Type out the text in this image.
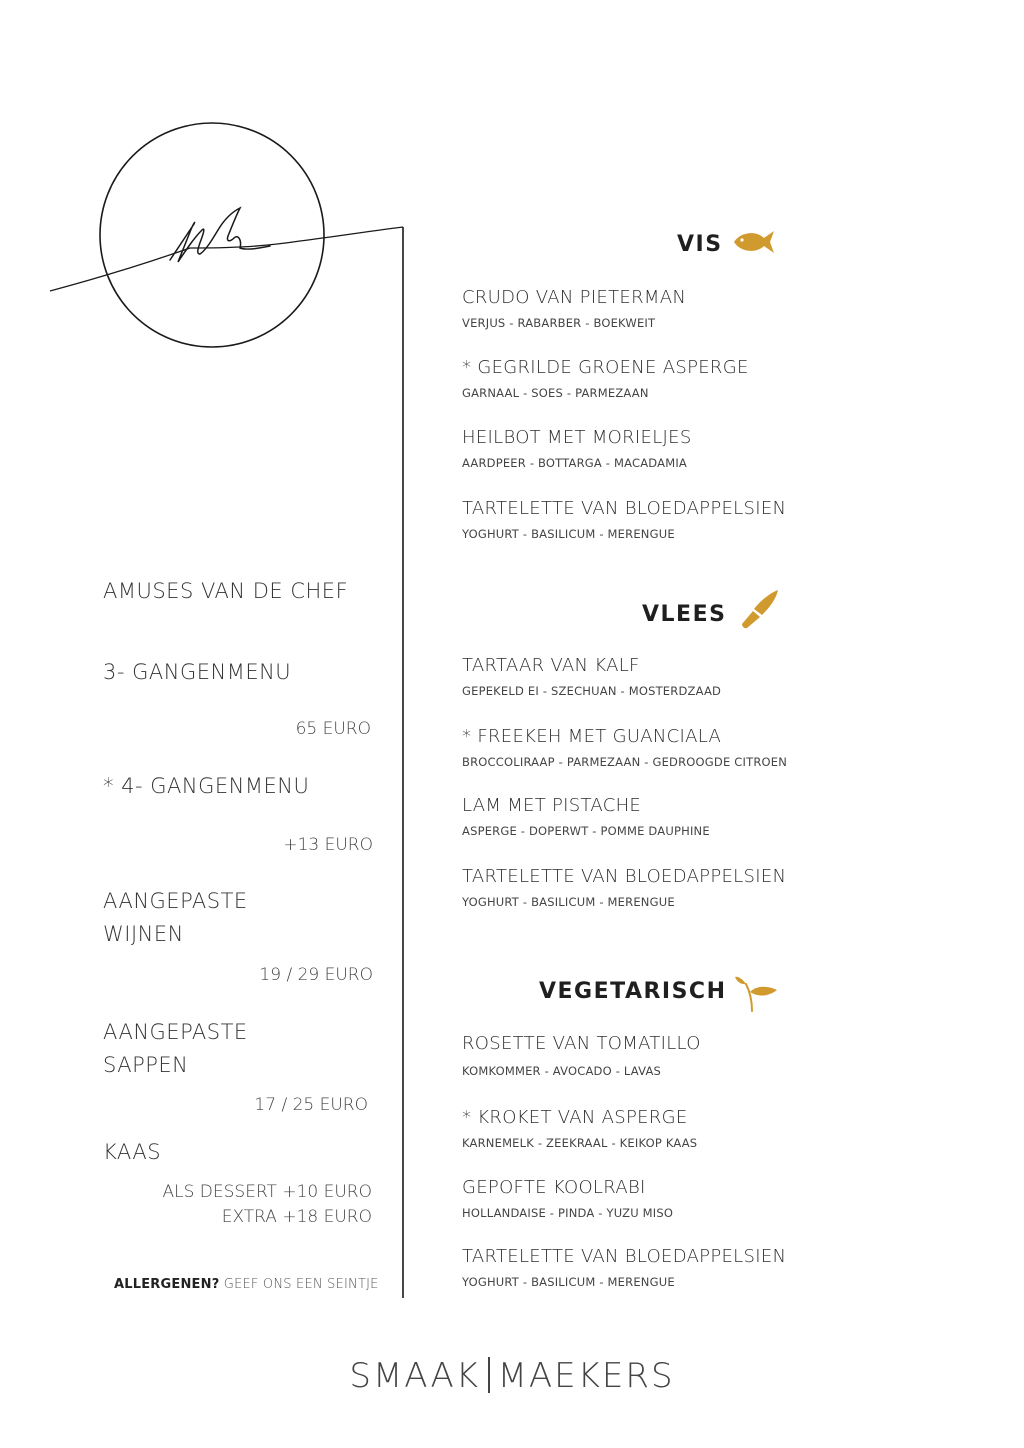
AMUSES VAN DE CHEF
3- GANGENMENU
65 EURO
* 4- GANGENMENU
+13 EURO
AANGEPASTE
WIJNEN
19 / 29 EURO
AANGEPASTE
SAPPEN
17 / 25 EURO
KAAS
ALS DESSERT +10 EURO
EXTRA +18 EURO
ALLERGENEN? GEEF ONS EEN SEINTJE
VIS
CRUDO VAN PIETERMAN
VERJUS - RABARBER - BOEKWEIT
* GEGRILDE GROENE ASPERGE
GARNAAL - SOES - PARMEZAAN
HEILBOT MET MORIELJES
AARDPEER - BOTTARGA - MACADAMIA
TARTELETTE VAN BLOEDAPPELSIEN
YOGHURT - BASILICUM - MERENGUE
VLEES
TARTAAR VAN KALF
GEPEKELD EI - SZECHUAN - MOSTERDZAAD
* FREEKEH MET GUANCIALA
BROCCOLIRAAP - PARMEZAAN - GEDROOGDE CITROEN
LAM MET PISTACHE
ASPERGE - DOPERWT - POMME DAUPHINE
TARTELETTE VAN BLOEDAPPELSIEN
YOGHURT - BASILICUM - MERENGUE
VEGETARISCH
ROSETTE VAN TOMATILLO
KOMKOMMER - AVOCADO - LAVAS
* KROKET VAN ASPERGE
KARNEMELK - ZEEKRAAL - KEIKOP KAAS
GEPOFTE KOOLRABI
HOLLANDAISE - PINDA - YUZU MISO
TARTELETTE VAN BLOEDAPPELSIEN
YOGHURT - BASILICUM - MERENGUE
SMAAK MAEKERS
